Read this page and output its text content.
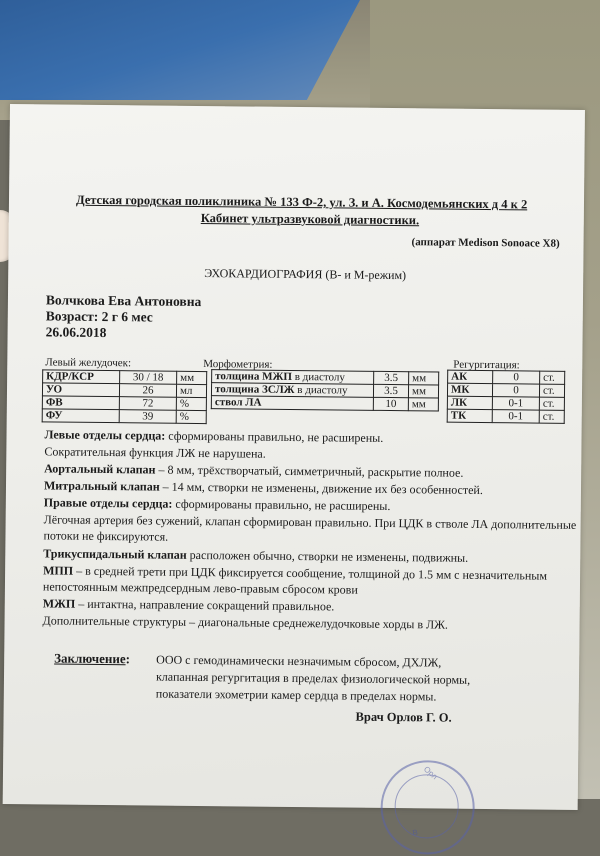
Детская городская поликлиника № 133 Ф-2, ул. З. и А. Космодемьянских д 4 к 2
Кабинет ультразвуковой диагностики.
(аппарат Medison Sonoace X8)
ЭХОКАРДИОГРАФИЯ (В- и М-режим)
Волчкова Ева Антоновна
Возраст: 2 г 6 мес
26.06.2018
Левый желудочек:	Морфометрия:	Регургитация:
КДР/КСР	30 / 18	мм
УО	26	мл
ФВ	72	%
ФУ	39	%
толщина МЖП в диастолу	3.5	мм
толщина ЗСЛЖ в диастолу	3.5	мм
ствол ЛА	10	мм
АК	0	ст.
МК	0	ст.
ЛК	0-1	ст.
ТК	0-1	ст.
Левые отделы сердца: сформированы правильно, не расширены.
Сократительная функция ЛЖ не нарушена.
Аортальный клапан – 8 мм, трёхстворчатый, симметричный, раскрытие полное.
Митральный клапан – 14 мм, створки не изменены, движение их без особенностей.
Правые отделы сердца: сформированы правильно, не расширены.
Лёгочная артерия без сужений, клапан сформирован правильно. При ЦДК в стволе ЛА дополнительные
потоки не фиксируются.
Трикуспидальный клапан расположен обычно, створки не изменены, подвижны.
МПП – в средней трети при ЦДК фиксируется сообщение, толщиной до 1.5 мм с незначительным
непостоянным межпредсердным лево-правым сбросом крови
МЖП – интактна, направление сокращений правильное.
Дополнительные структуры – диагональные среднежелудочковые хорды в ЛЖ.
Заключение: ООО с гемодинамически незначимым сбросом, ДХЛЖ,
клапанная регургитация в пределах физиологической нормы,
показатели эхометрии камер сердца в пределах нормы.
Орл
В
Врач Орлов Г. О.
